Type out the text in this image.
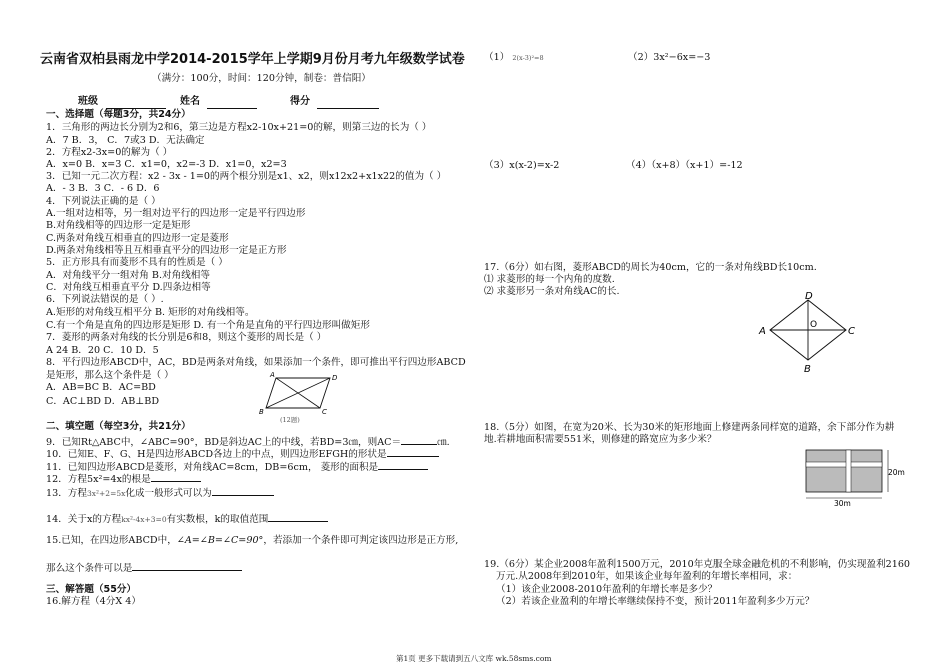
云南省双柏县雨龙中学2014-2015学年上学期9月份月考九年级数学试卷
（满分：100分，时间：120分钟，制卷：普信阳）
班级	姓名	得分
一、选择题（每题3分，共24分）
1．三角形的两边长分别为2和6，第三边是方程x2-10x+21=0的解，则第三边的长为（ ）
A．7 B．3， C．7或3 D．无法确定
2．方程x2-3x=0的解为（ ）
A．x=0 B．x=3 C．x1=0，x2=-3 D．x1=0，x2=3
3．已知一元二次方程：x2 - 3x - 1=0的两个根分别是x1、x2，则x12x2+x1x22的值为（ ）
A．- 3 B．3 C．- 6 D．6
4．下列说法正确的是（ ）
A.一组对边相等，另一组对边平行的四边形一定是平行四边形
B.对角线相等的四边形一定是矩形
C.两条对角线互相垂直的四边形一定是菱形
D.两条对角线相等且互相垂直平分的四边形一定是正方形
5．正方形具有而菱形不具有的性质是（ ）
A．对角线平分一组对角 B.对角线相等
C．对角线互相垂直平分 D.四条边相等
6．下列说法错误的是（ ）.
A.矩形的对角线互相平分 B. 矩形的对角线相等。
C.有一个角是直角的四边形是矩形 D. 有一个角是直角的平行四边形叫做矩形
7．菱形的两条对角线的长分别是6和8，则这个菱形的周长是（ ）
A 24 B．20 C．10 D．5
8．平行四边形ABCD中，AC，BD是两条对角线，如果添加一个条件，即可推出平行四边形ABCD
是矩形，那么这个条件是（ ）
A．AB=BC B．AC=BD
C．AC⊥BD D．AB⊥BD
A	D
B	C
(12题)
二、填空题（每空3分，共21分）
9．已知Rt△ABC中，∠ABC=90°，BD是斜边AC上的中线，若BD=3㎝，则AC＝	㎝.
10．已知E、F、G、H是四边形ABCD各边上的中点，则四边形EFGH的形状是
11．已知四边形ABCD是菱形，对角线AC=8cm，DB=6cm， 菱形的面积是
12．方程5x²=4x的根是
13．方程3x²+2=5x化成一般形式可以为
14．关于x的方程kx²-4x+3=0有实数根，k的取值范围
15.已知，在四边形ABCD中，∠A=∠B=∠C=90°，若添加一个条件即可判定该四边形是正方形,
那么这个条件可以是
三、解答题（55分）
16.解方程（4分Χ 4）
（1） 2(x-3)²=8	（2）3x²−6x=−3
（3）x(x-2)=x-2	（4）（x+8）（x+1）=-12
17.（6分）如右图，菱形ABCD的周长为40cm，它的一条对角线BD长10cm.
⑴ 求菱形的每一个内角的度数.
⑵ 求菱形另一条对角线AC的长.
A
D
O
C
B
18.（5分）如图，在宽为20米、长为30米的矩形地面上修建两条同样宽的道路，余下部分作为耕
地.若耕地面积需要551米，则修建的路宽应为多少米？
20m
30m
19.（6分）某企业2008年盈利1500万元，2010年克服全球金融危机的不利影响，仍实现盈利2160
万元.从2008年到2010年，如果该企业每年盈利的年增长率相同，求：
（1）该企业2008-2010年盈利的年增长率是多少？
（2）若该企业盈利的年增长率继续保持不变，预计2011年盈利多少万元？
第1页 更多下载请到五八文库 wk.58sms.com
